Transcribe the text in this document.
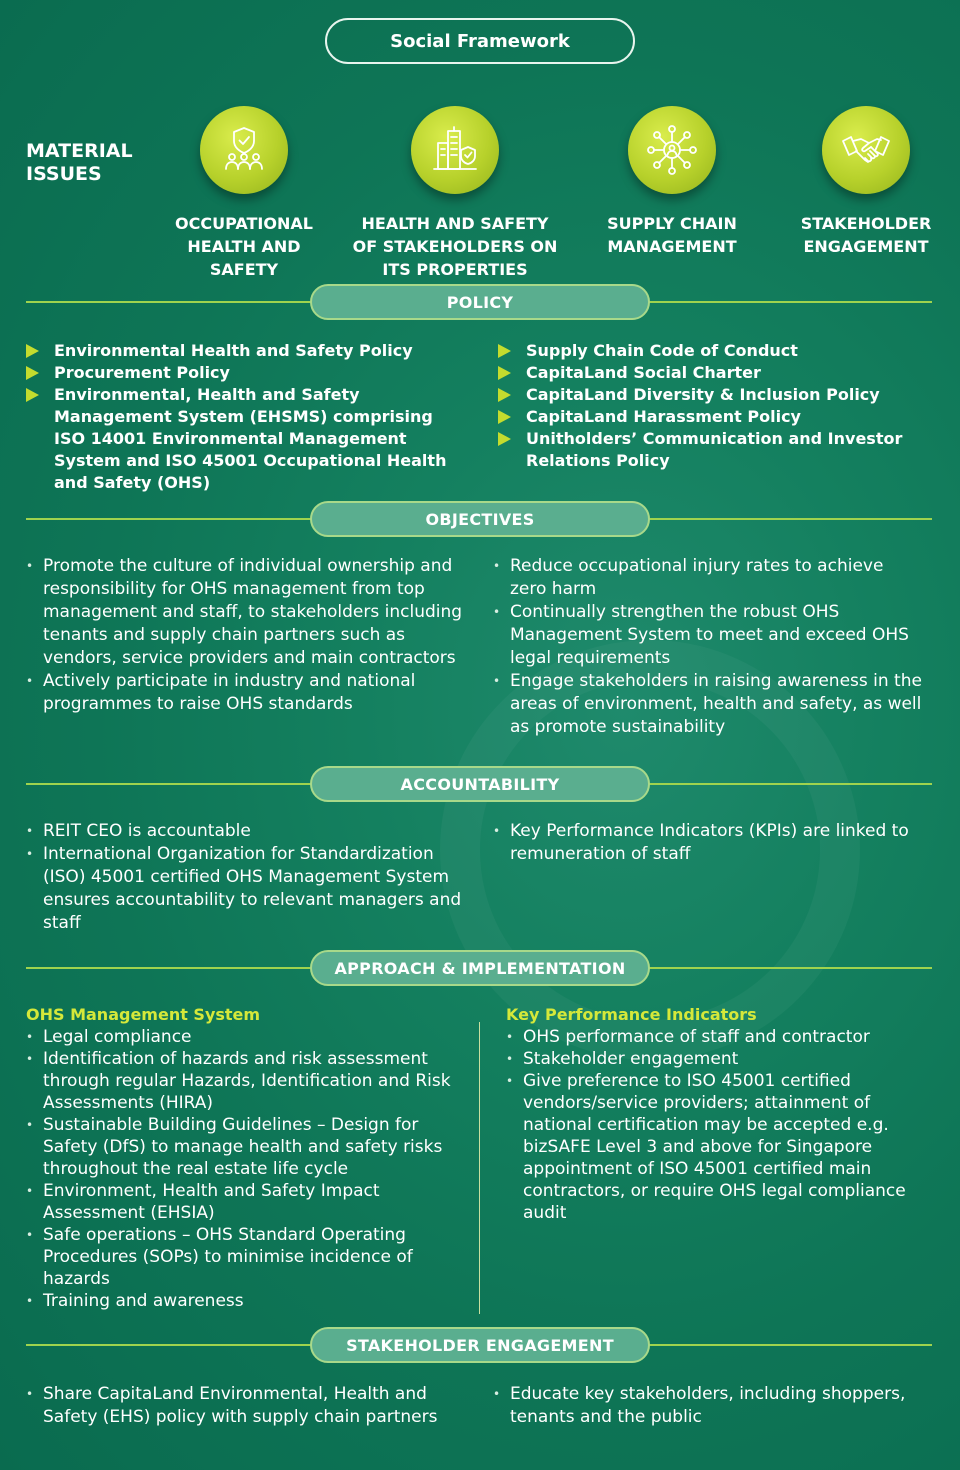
Social Framework
MATERIAL
ISSUES
OCCUPATIONAL
HEALTH AND
SAFETY
HEALTH AND SAFETY
OF STAKEHOLDERS ON
ITS PROPERTIES
SUPPLY CHAIN
MANAGEMENT
STAKEHOLDER
ENGAGEMENT
POLICY
Environmental Health and Safety Policy
Procurement Policy
Environmental, Health and Safety Management System (EHSMS) comprising ISO 14001 Environmental Management System and ISO 45001 Occupational Health and Safety (OHS)
Supply Chain Code of Conduct
CapitaLand Social Charter
CapitaLand Diversity & Inclusion Policy
CapitaLand Harassment Policy
Unitholders’ Communication and Investor Relations Policy
OBJECTIVES
• Promote the culture of individual ownership and responsibility for OHS management from top management and staff, to stakeholders including tenants and supply chain partners such as vendors, service providers and main contractors
• Actively participate in industry and national programmes to raise OHS standards
• Reduce occupational injury rates to achieve zero harm
• Continually strengthen the robust OHS Management System to meet and exceed OHS legal requirements
• Engage stakeholders in raising awareness in the areas of environment, health and safety, as well as promote sustainability
ACCOUNTABILITY
• REIT CEO is accountable
• International Organization for Standardization (ISO) 45001 certified OHS Management System ensures accountability to relevant managers and staff
• Key Performance Indicators (KPIs) are linked to remuneration of staff
APPROACH & IMPLEMENTATION
OHS Management System
• Legal compliance
• Identification of hazards and risk assessment through regular Hazards, Identification and Risk Assessments (HIRA)
• Sustainable Building Guidelines – Design for Safety (DfS) to manage health and safety risks throughout the real estate life cycle
• Environment, Health and Safety Impact Assessment (EHSIA)
• Safe operations – OHS Standard Operating Procedures (SOPs) to minimise incidence of hazards
• Training and awareness
Key Performance Indicators
• OHS performance of staff and contractor
• Stakeholder engagement
• Give preference to ISO 45001 certified vendors/service providers; attainment of national certification may be accepted e.g. bizSAFE Level 3 and above for Singapore appointment of ISO 45001 certified main contractors, or require OHS legal compliance audit
STAKEHOLDER ENGAGEMENT
• Share CapitaLand Environmental, Health and Safety (EHS) policy with supply chain partners
• Educate key stakeholders, including shoppers, tenants and the public
